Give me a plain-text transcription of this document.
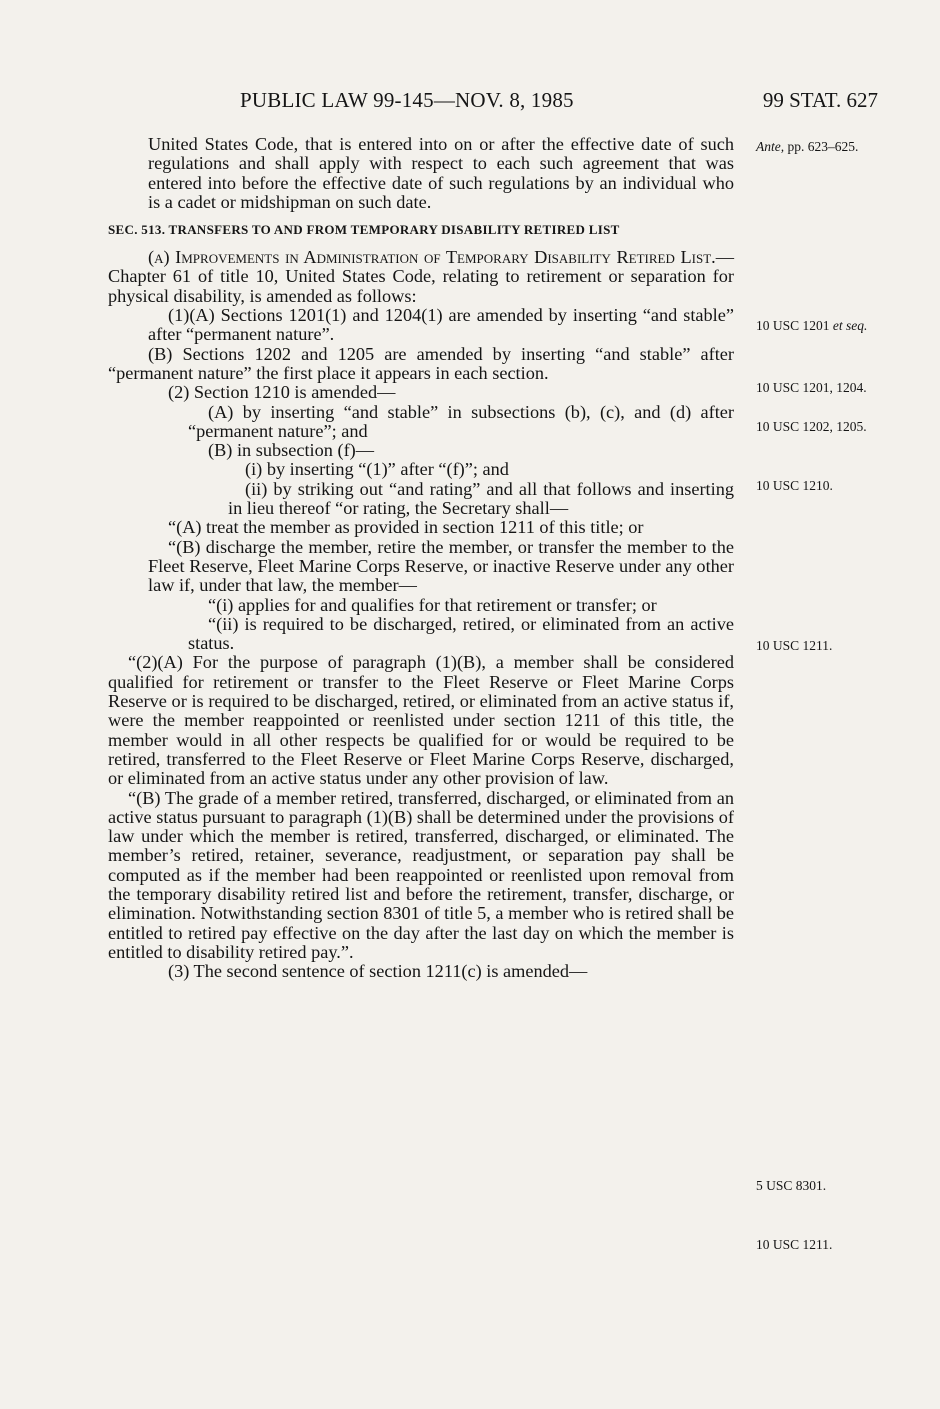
PUBLIC LAW 99-145—NOV. 8, 1985	99 STAT. 627

United States Code, that is entered into on or after the effective date of such regulations and shall apply with respect to each such agreement that was entered into before the effective date of such regulations by an individual who is a cadet or midshipman on such date.

SEC. 513. TRANSFERS TO AND FROM TEMPORARY DISABILITY RETIRED LIST

(a) Improvements in Administration of Temporary Disability Retired List.—Chapter 61 of title 10, United States Code, relating to retirement or separation for physical disability, is amended as follows:

(1)(A) Sections 1201(1) and 1204(1) are amended by inserting “and stable” after “permanent nature”.

(B) Sections 1202 and 1205 are amended by inserting “and stable” after “permanent nature” the first place it appears in each section.

(2) Section 1210 is amended—

(A) by inserting “and stable” in subsections (b), (c), and (d) after “permanent nature”; and

(B) in subsection (f)—

(i) by inserting “(1)” after “(f)”; and

(ii) by striking out “and rating” and all that follows and inserting in lieu thereof “or rating, the Secretary shall—

“(A) treat the member as provided in section 1211 of this title; or

“(B) discharge the member, retire the member, or transfer the member to the Fleet Reserve, Fleet Marine Corps Reserve, or inactive Reserve under any other law if, under that law, the member—

“(i) applies for and qualifies for that retirement or transfer; or

“(ii) is required to be discharged, retired, or eliminated from an active status.

“(2)(A) For the purpose of paragraph (1)(B), a member shall be considered qualified for retirement or transfer to the Fleet Reserve or Fleet Marine Corps Reserve or is required to be discharged, retired, or eliminated from an active status if, were the member reappointed or reenlisted under section 1211 of this title, the member would in all other respects be qualified for or would be required to be retired, transferred to the Fleet Reserve or Fleet Marine Corps Reserve, discharged, or eliminated from an active status under any other provision of law.

“(B) The grade of a member retired, transferred, discharged, or eliminated from an active status pursuant to paragraph (1)(B) shall be determined under the provisions of law under which the member is retired, transferred, discharged, or eliminated. The member’s retired, retainer, severance, readjustment, or separation pay shall be computed as if the member had been reappointed or reenlisted upon removal from the temporary disability retired list and before the retirement, transfer, discharge, or elimination. Notwithstanding section 8301 of title 5, a member who is retired shall be entitled to retired pay effective on the day after the last day on which the member is entitled to disability retired pay.”.

(3) The second sentence of section 1211(c) is amended—

Ante, pp. 623–625.
10 USC 1201 et seq.
10 USC 1201, 1204.
10 USC 1202, 1205.
10 USC 1210.
10 USC 1211.
5 USC 8301.
10 USC 1211.
